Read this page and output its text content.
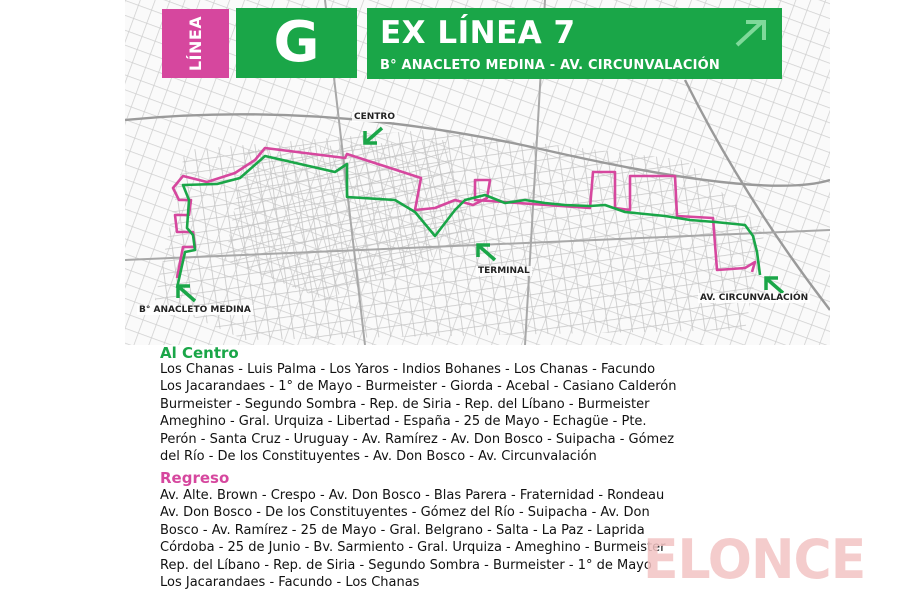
CENTRO
TERMINAL
B° ANACLETO MEDINA
AV. CIRCUNVALACIÓN
LÍNEA G EX LÍNEA 7
B° ANACLETO MEDINA - AV. CIRCUNVALACIÓN
Al Centro
Los Chanas - Luis Palma - Los Yaros - Indios Bohanes - Los Chanas - Facundo
Los Jacarandaes - 1° de Mayo - Burmeister - Giorda - Acebal - Casiano Calderón
Burmeister - Segundo Sombra - Rep. de Siria - Rep. del Líbano - Burmeister
Ameghino - Gral. Urquiza - Libertad - España - 25 de Mayo - Echagüe - Pte.
Perón - Santa Cruz - Uruguay - Av. Ramírez - Av. Don Bosco - Suipacha - Gómez
del Río - De los Constituyentes - Av. Don Bosco - Av. Circunvalación
Regreso
Av. Alte. Brown - Crespo - Av. Don Bosco - Blas Parera - Fraternidad - Rondeau
Av. Don Bosco - De los Constituyentes - Gómez del Río - Suipacha - Av. Don
Bosco - Av. Ramírez - 25 de Mayo - Gral. Belgrano - Salta - La Paz - Laprida
Córdoba - 25 de Junio - Bv. Sarmiento - Gral. Urquiza - Ameghino - Burmeister
Rep. del Líbano - Rep. de Siria - Segundo Sombra - Burmeister - 1° de Mayo
Los Jacarandaes - Facundo - Los Chanas	ELONCE
